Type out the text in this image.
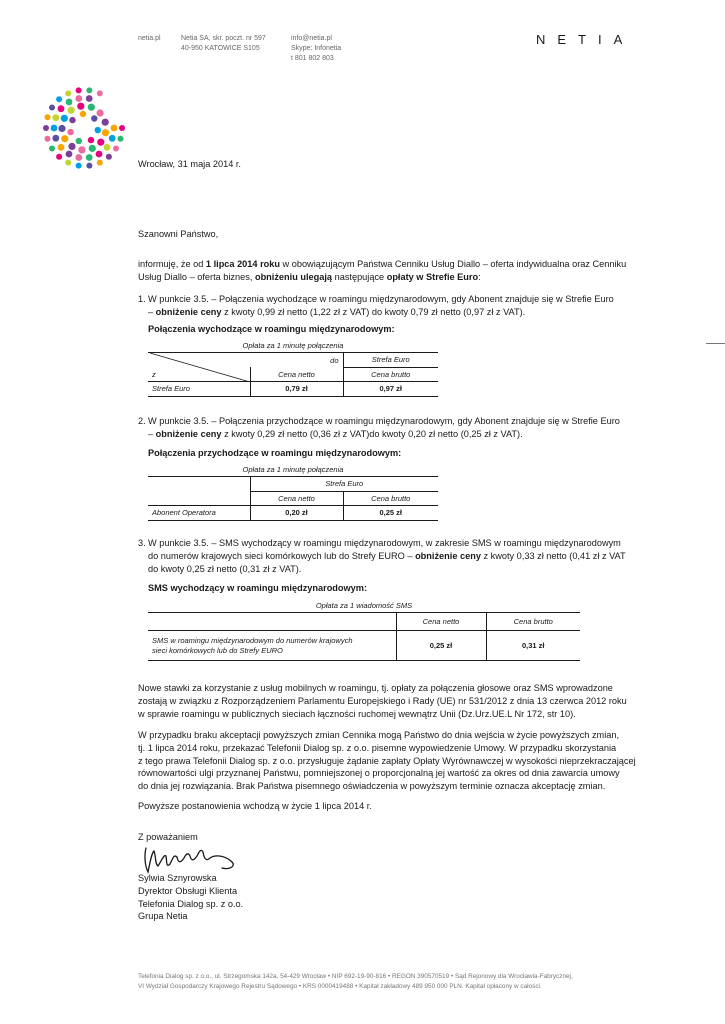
netia.pl	Netia SA, skr. poczt. nr 597
40-950 KATOWICE S105
info@netia.pl
Skype: Infonetia
t 801 802 803
NETIA
Wrocław, 31 maja 2014 r.
Szanowni Państwo,
informuję, że od 1 lipca 2014 roku w obowiązującym Państwa Cenniku Usług Diallo – oferta indywidualna oraz Cenniku
Usług Diallo – oferta biznes, obniżeniu ulegają następujące opłaty w Strefie Euro:
1. W punkcie 3.5. – Połączenia wychodzące w roamingu międzynarodowym, gdy Abonent znajduje się w Strefie Euro
– obniżenie ceny z kwoty 0,99 zł netto (1,22 zł z VAT) do kwoty 0,79 zł netto (0,97 zł z VAT).
Połączenia wychodzące w roamingu międzynarodowym:
Opłata za 1 minutę połączenia		

do		Strefa Euro
z	Cena netto	Cena brutto
Strefa Euro	0,79 zł	0,97 zł
2. W punkcie 3.5. – Połączenia przychodzące w roamingu międzynarodowym, gdy Abonent znajduje się w Strefie Euro
– obniżenie ceny z kwoty 0,29 zł netto (0,36 zł z VAT)do kwoty 0,20 zł netto (0,25 zł z VAT).
Połączenia przychodzące w roamingu międzynarodowym:
Opłata za 1 minutę połączenia		
	Strefa Euro	
	Cena netto	Cena brutto
Abonent Operatora	0,20 zł	0,25 zł
3. W punkcie 3.5. – SMS wychodzący w roamingu międzynarodowym, w zakresie SMS w roamingu międzynarodowym
do numerów krajowych sieci komórkowych lub do Strefy EURO – obniżenie ceny z kwoty 0,33 zł netto (0,41 zł z VAT
do kwoty 0,25 zł netto (0,31 zł z VAT).
SMS wychodzący w roamingu międzynarodowym:
Opłata za 1 wiadomość SMS		
	Cena netto	Cena brutto
SMS w roamingu międzynarodowym do numerów krajowych
sieci komórkowych lub do Strefy EURO	0,25 zł	0,31 zł
Nowe stawki za korzystanie z usług mobilnych w roamingu, tj. opłaty za połączenia głosowe oraz SMS wprowadzone
zostają w związku z Rozporządzeniem Parlamentu Europejskiego i Rady (UE) nr 531/2012 z dnia 13 czerwca 2012 roku
w sprawie roamingu w publicznych sieciach łączności ruchomej wewnątrz Unii (Dz.Urz.UE.L Nr 172, str 10).
W przypadku braku akceptacji powyższych zmian Cennika mogą Państwo do dnia wejścia w życie powyższych zmian,
tj. 1 lipca 2014 roku, przekazać Telefonii Dialog sp. z o.o. pisemne wypowiedzenie Umowy. W przypadku skorzystania
z tego prawa Telefonii Dialog sp. z o.o. przysługuje żądanie zapłaty Opłaty Wyrównawczej w wysokości nieprzekraczającej
równowartości ulgi przyznanej Państwu, pomniejszonej o proporcjonalną jej wartość za okres od dnia zawarcia umowy
do dnia jej rozwiązania. Brak Państwa pisemnego oświadczenia w powyższym terminie oznacza akceptację zmian.
Powyższe postanowienia wchodzą w życie 1 lipca 2014 r.
Z poważaniem
Sylwia Sznyrowska
Dyrektor Obsługi Klienta
Telefonia Dialog sp. z o.o.
Grupa Netia
Telefonia Dialog sp. z o.o., ul. Strzegomska 142a, 54-429 Wrocław • NIP 692-19-90-816 • REGON 390570519 • Sąd Rejonowy dla Wrocławia-Fabrycznej,
VI Wydział Gospodarczy Krajowego Rejestru Sądowego • KRS 0000419488 • Kapitał zakładowy 489 950 000 PLN. Kapitał opłacony w całości.
